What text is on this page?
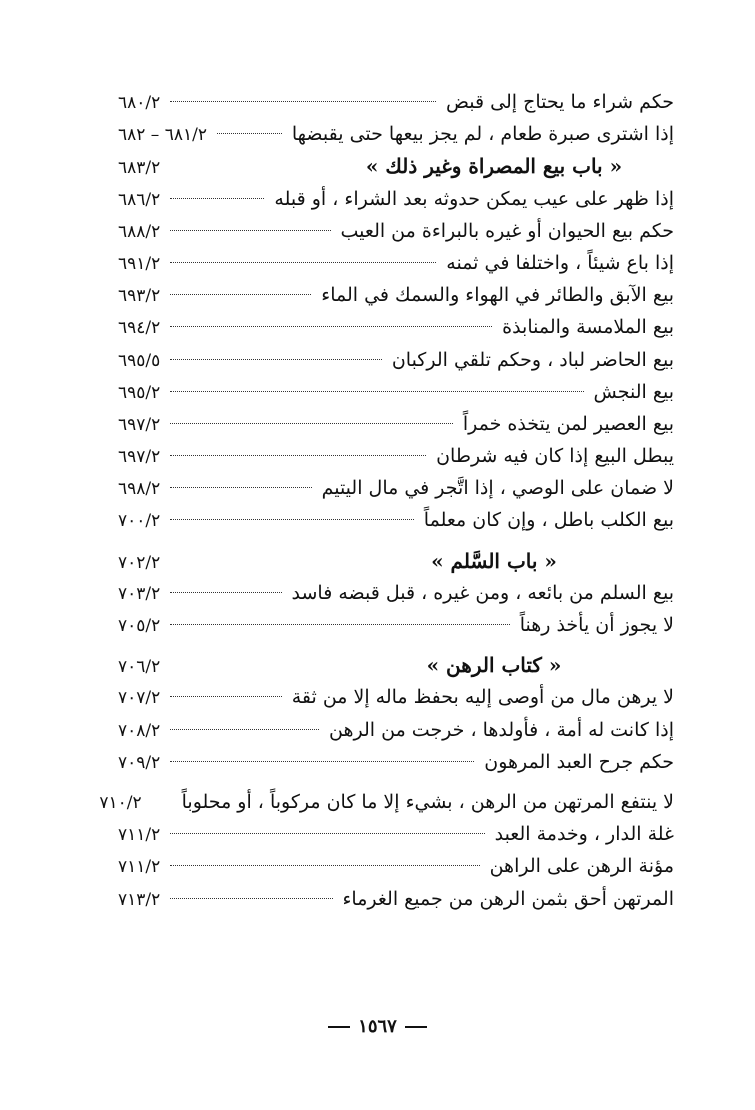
حكم شراء ما يحتاج إلى قبض
٦٨٠/٢
إذا اشترى صبرة طعام ، لم يجز بيعها حتى يقبضها
٦٨١/٢ – ٦٨٢
« باب بيع المصراة وغير ذلك »
٦٨٣/٢
إذا ظهر على عيب يمكن حدوثه بعد الشراء ، أو قبله
٦٨٦/٢
حكم بيع الحيوان أو غيره بالبراءة من العيب
٦٨٨/٢
إذا باع شيئاً ، واختلفا في ثمنه
٦٩١/٢
بيع الآبق والطائر في الهواء والسمك في الماء
٦٩٣/٢
بيع الملامسة والمنابذة
٦٩٤/٢
بيع الحاضر لباد ، وحكم تلقي الركبان
٦٩٥/٥
بيع النجش
٦٩٥/٢
بيع العصير لمن يتخذه خمراً
٦٩٧/٢
يبطل البيع إذا كان فيه شرطان
٦٩٧/٢
لا ضمان على الوصي ، إذا اتَّجر في مال اليتيم
٦٩٨/٢
بيع الكلب باطل ، وإن كان معلماً
٧٠٠/٢
« باب السَّلم »
٧٠٢/٢
بيع السلم من بائعه ، ومن غيره ، قبل قبضه فاسد
٧٠٣/٢
لا يجوز أن يأخذ رهناً
٧٠٥/٢
« كتاب الرهن »
٧٠٦/٢
لا يرهن مال من أوصى إليه بحفظ ماله إلا من ثقة
٧٠٧/٢
إذا كانت له أمة ، فأولدها ، خرجت من الرهن
٧٠٨/٢
حكم جرح العبد المرهون
٧٠٩/٢
لا ينتفع المرتهن من الرهن ، بشيء إلا ما كان مركوباً ، أو محلوباً
٧١٠/٢
غلة الدار ، وخدمة العبد
٧١١/٢
مؤنة الرهن على الراهن
٧١١/٢
المرتهن أحق بثمن الرهن من جميع الغرماء
٧١٣/٢
١٥٦٧
